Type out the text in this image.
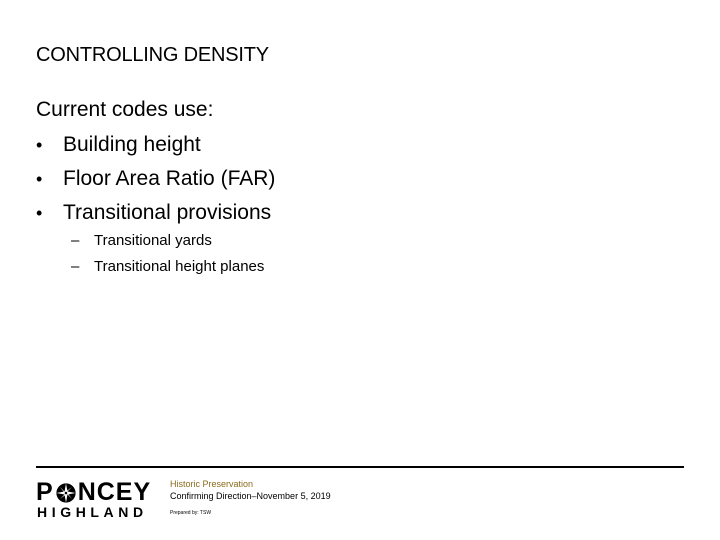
CONTROLLING DENSITY
Current codes use:
• Building height
• Floor Area Ratio (FAR)
• Transitional provisions
– Transitional yards
– Transitional height planes
P NCEY
HIGHLAND
Historic Preservation
Confirming Direction–November 5, 2019
Prepared by: TSW
